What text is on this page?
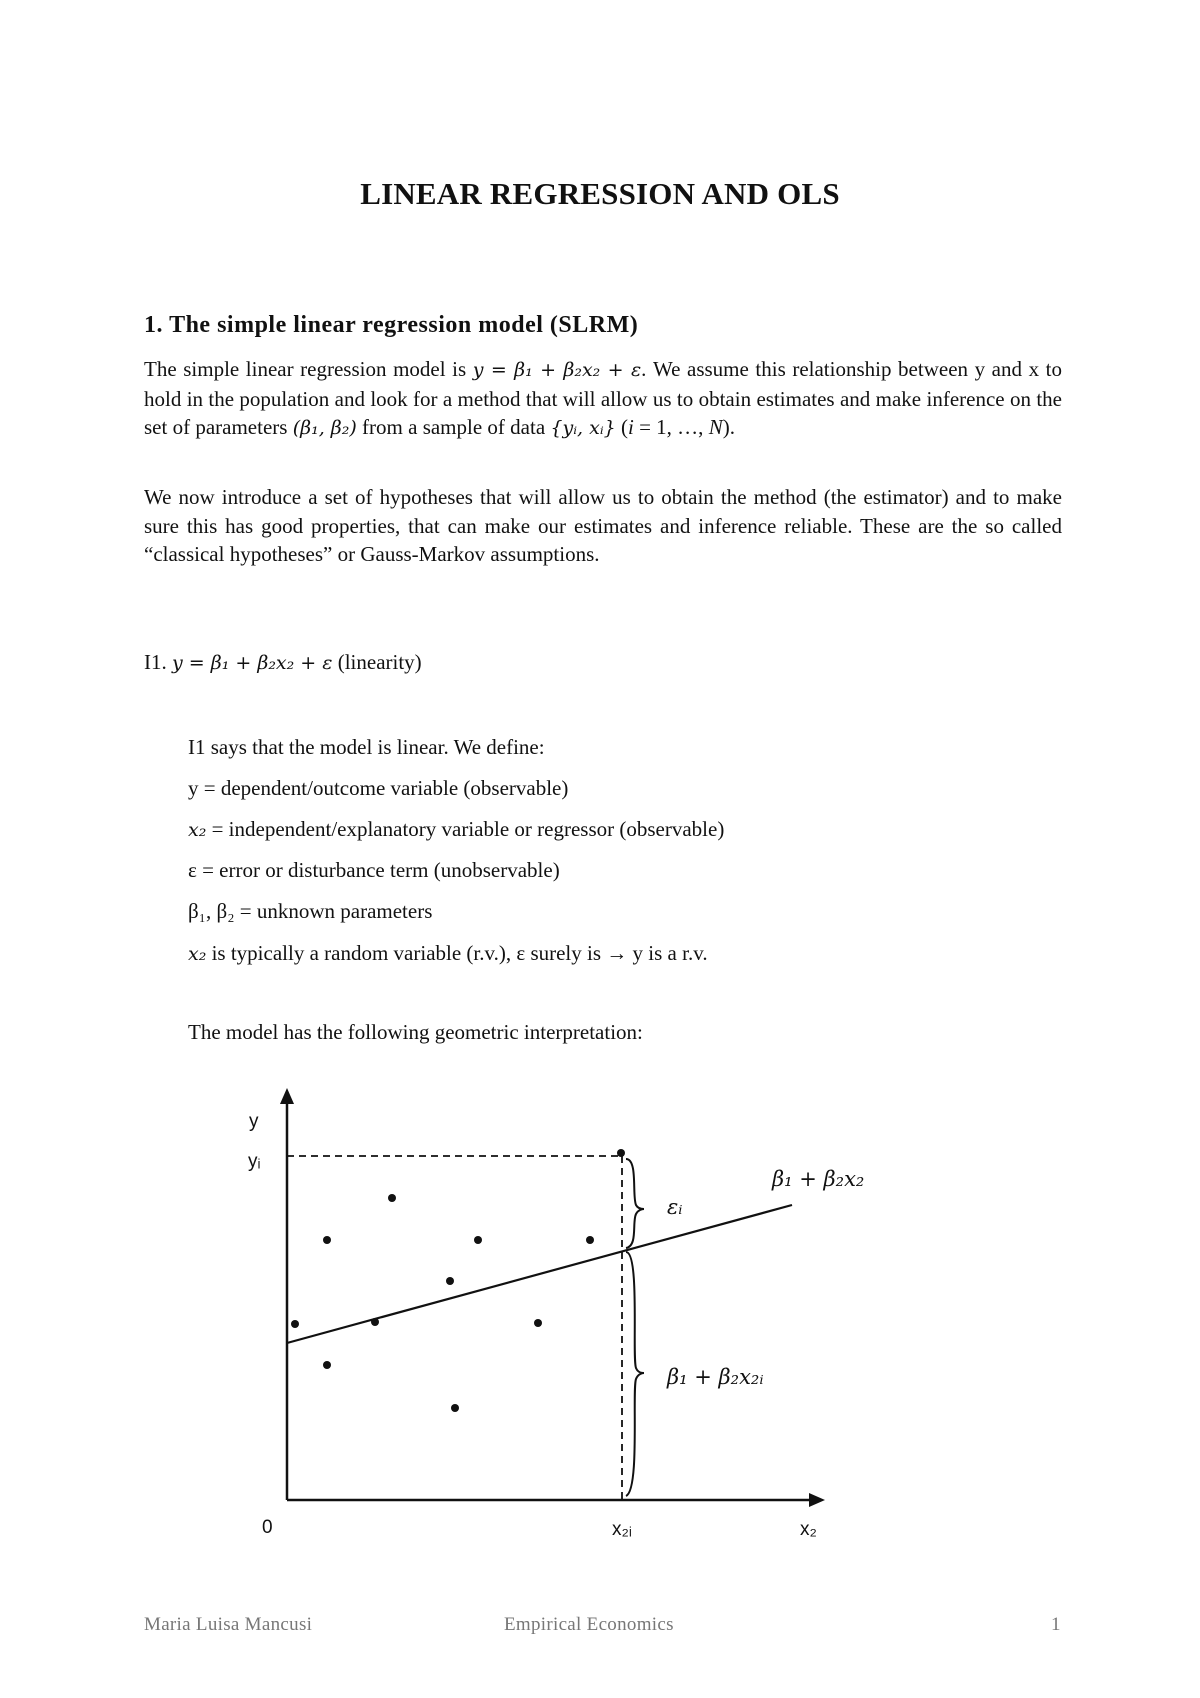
LINEAR REGRESSION AND OLS
1. The simple linear regression model (SLRM)
The simple linear regression model is y = β₁ + β₂x₂ + ε. We assume this relationship between y and x to hold in the population and look for a method that will allow us to obtain estimates and make inference on the set of parameters (β₁, β₂) from a sample of data {yᵢ, xᵢ} (i = 1, …, N).
We now introduce a set of hypotheses that will allow us to obtain the method (the estimator) and to make sure this has good properties, that can make our estimates and inference reliable. These are the so called “classical hypotheses” or Gauss-Markov assumptions.
I1. y = β₁ + β₂x₂ + ε (linearity)
I1 says that the model is linear. We define:
y = dependent/outcome variable (observable)
x₂ = independent/explanatory variable or regressor (observable)
ε = error or disturbance term (unobservable)
β₁, β₂ = unknown parameters
x₂ is typically a random variable (r.v.), ε surely is → y is a r.v.
The model has the following geometric interpretation:
y
yᵢ
0	x₂ᵢ	x₂
β₁ + β₂x₂
εᵢ
β₁ + β₂x₂ᵢ
Maria Luisa Mancusi	Empirical Economics	1
